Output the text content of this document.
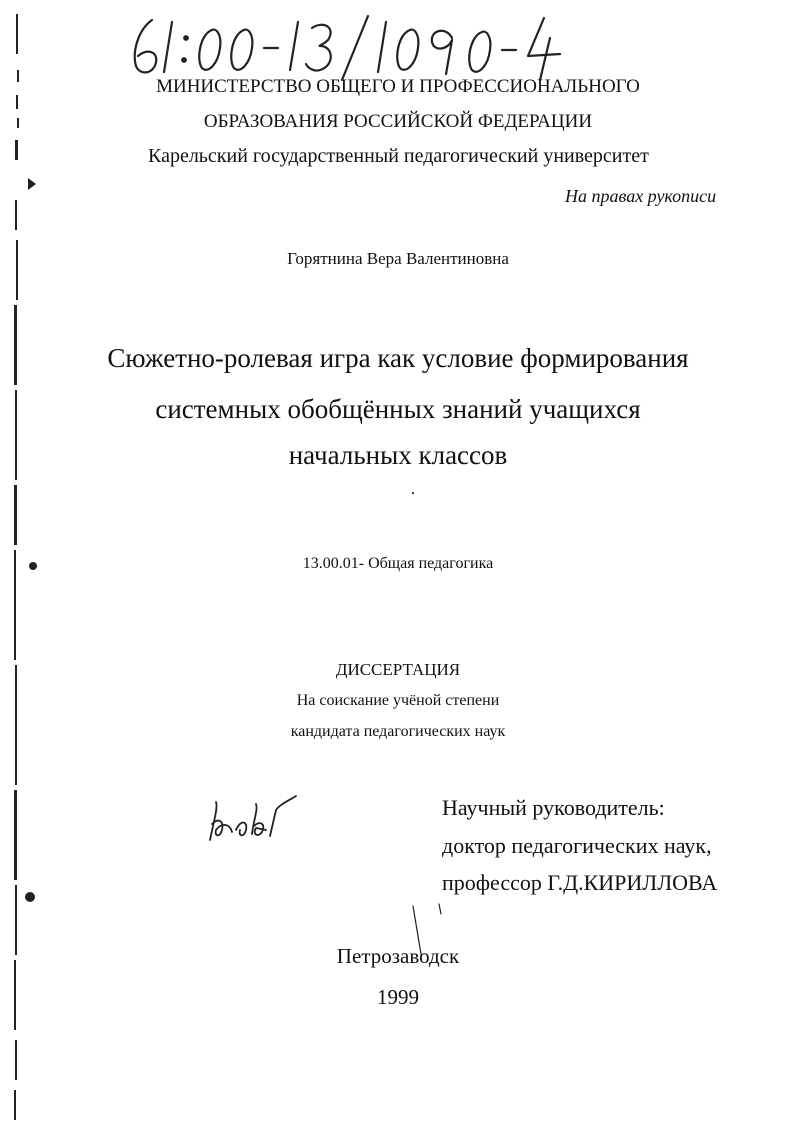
МИНИСТЕРСТВО ОБЩЕГО И ПРОФЕССИОНАЛЬНОГО
ОБРАЗОВАНИЯ РОССИЙСКОЙ ФЕДЕРАЦИИ
Карельский государственный педагогический университет
На правах рукописи
Горятнина Вера Валентиновна
Сюжетно-ролевая игра как условие формирования
системных обобщённых знаний учащихся
начальных классов
13.00.01- Общая педагогика
ДИССЕРТАЦИЯ
На соискание учёной степени
кандидата педагогических наук
Научный руководитель:
доктор педагогических наук,
профессор Г.Д.КИРИЛЛОВА
Петрозаводск
1999
